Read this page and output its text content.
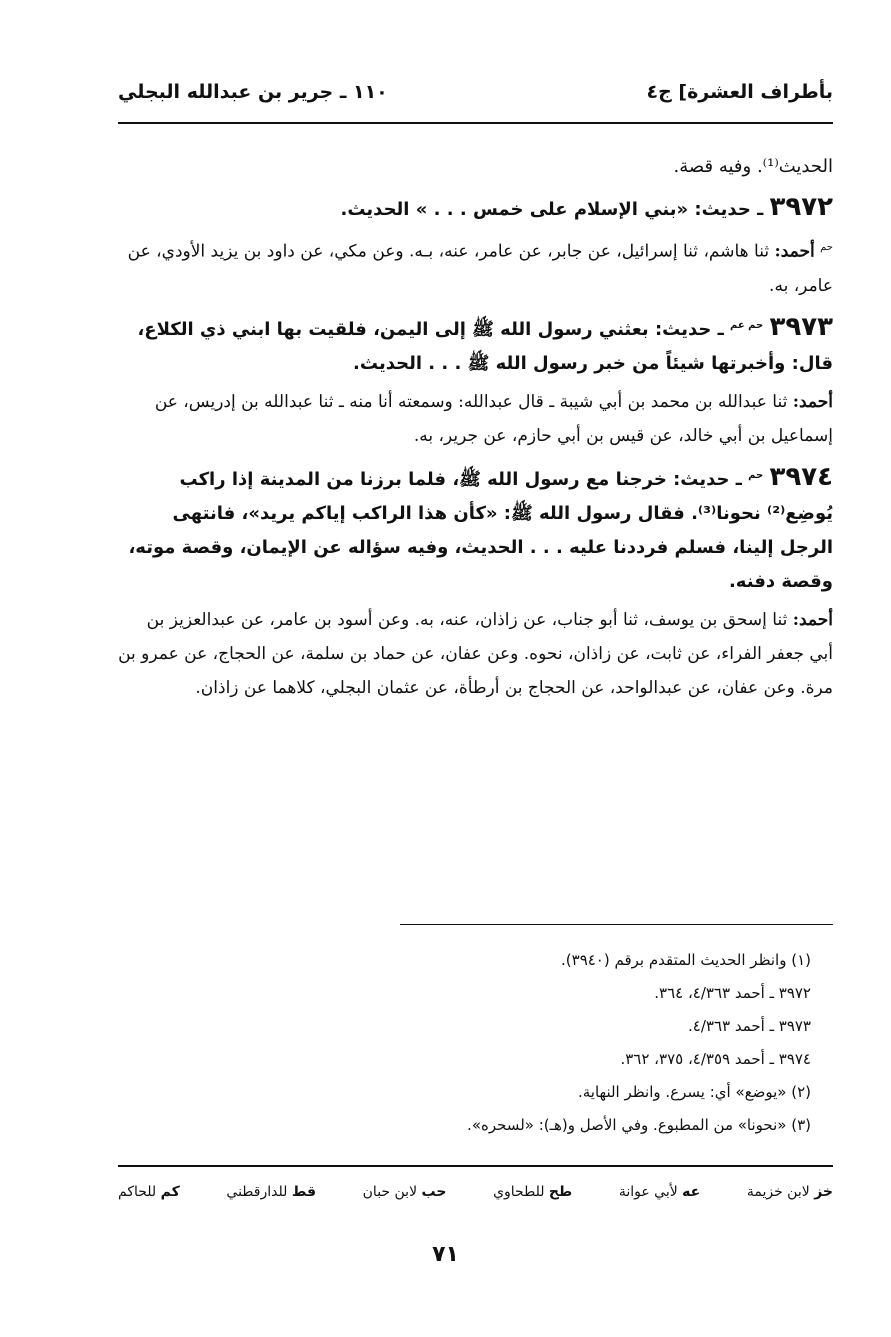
بأطراف العشرة] ج٤
١١٠ ـ جرير بن عبدالله البجلي

الحديث⁽¹⁾. وفيه قصة.

٣٩٧٢ ـ حديث: «بني الإسلام على خمس . . . » الحديث.

$^{حم}$ أحمد: ثنا هاشم، ثنا إسرائيل، عن جابر، عن عامر، عنه، بـه. وعن مكي، عن داود بن يزيد الأودي، عن عامر، به.

٣٩٧٣ $^{حم عم}$ ـ حديث: بعثني رسول الله ﷺ إلى اليمن، فلقيت بها ابني ذي الكلاع، قال: وأخبرتها شيئاً من خبر رسول الله ﷺ . . . الحديث.

أحمد: ثنا عبدالله بن محمد بن أبي شيبة ـ قال عبدالله: وسمعته أنا منه ـ ثنا عبدالله بن إدريس، عن إسماعيل بن أبي خالد، عن قيس بن أبي حازم، عن جرير، به.

٣٩٧٤ $^{حم}$ ـ حديث: خرجنا مع رسول الله ﷺ، فلما برزنا من المدينة إذا راكب يُوضِع⁽²⁾ نحونا⁽³⁾. فقال رسول الله ﷺ: «كأن هذا الراكب إياكم يريد»، فانتهى الرجل إلينا، فسلم فرددنا عليه . . . الحديث، وفيه سؤاله عن الإيمان، وقصة موته، وقصة دفنه.

أحمد: ثنا إسحق بن يوسف، ثنا أبو جناب، عن زاذان، عنه، به. وعن أسود بن عامر، عن عبدالعزيز بن أبي جعفر الفراء، عن ثابت، عن زاذان، نحوه. وعن عفان، عن حماد بن سلمة، عن الحجاج، عن عمرو بن مرة. وعن عفان، عن عبدالواحد، عن الحجاج بن أرطأة، عن عثمان البجلي، كلاهما عن زاذان.

(١) وانظر الحديث المتقدم برقم (٣٩٤٠).

٣٩٧٢ ـ أحمد ٤/٣٦٣، ٣٦٤.

٣٩٧٣ ـ أحمد ٤/٣٦٣.

٣٩٧٤ ـ أحمد ٤/٣٥٩، ٣٧٥، ٣٦٢.

(٢) «يوضع» أي: يسرع. وانظر النهاية.

(٣) «نحونا» من المطبوع. وفي الأصل و(هـ): «لسحره».

خز لابن خزيمة
عه لأبي عوانة
طح للطحاوي
حب لابن حبان
قط للدارقطني
كم للحاكم
٧١
